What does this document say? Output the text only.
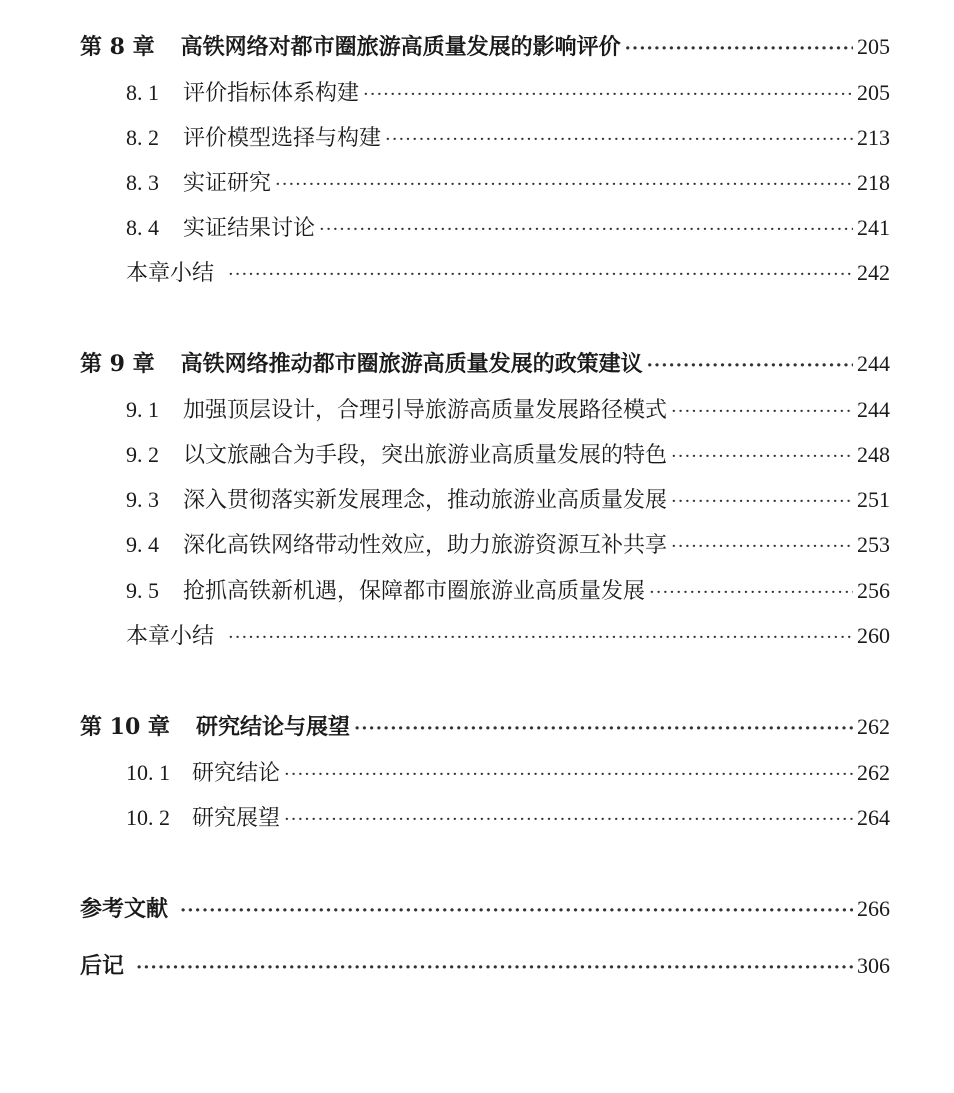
第 8 章 高铁网络对都市圈旅游高质量发展的影响评价 ·····	205
8. 1 评价指标体系构建 ·····	205
8. 2 评价模型选择与构建 ·····	213
8. 3 实证研究 ·····	218
8. 4 实证结果讨论 ·····	241
本章小结 ·····	242
第 9 章 高铁网络推动都市圈旅游高质量发展的政策建议 ·····	244
9. 1 加强顶层设计，合理引导旅游高质量发展路径模式 ·····	244
9. 2 以文旅融合为手段，突出旅游业高质量发展的特色 ·····	248
9. 3 深入贯彻落实新发展理念，推动旅游业高质量发展 ·····	251
9. 4 深化高铁网络带动性效应，助力旅游资源互补共享 ·····	253
9. 5 抢抓高铁新机遇，保障都市圈旅游业高质量发展 ·····	256
本章小结 ·····	260
第 10 章 研究结论与展望 ·····	262
10. 1 研究结论 ·····	262
10. 2 研究展望 ·····	264
参考文献 ·····	266
后记 ·····	306
